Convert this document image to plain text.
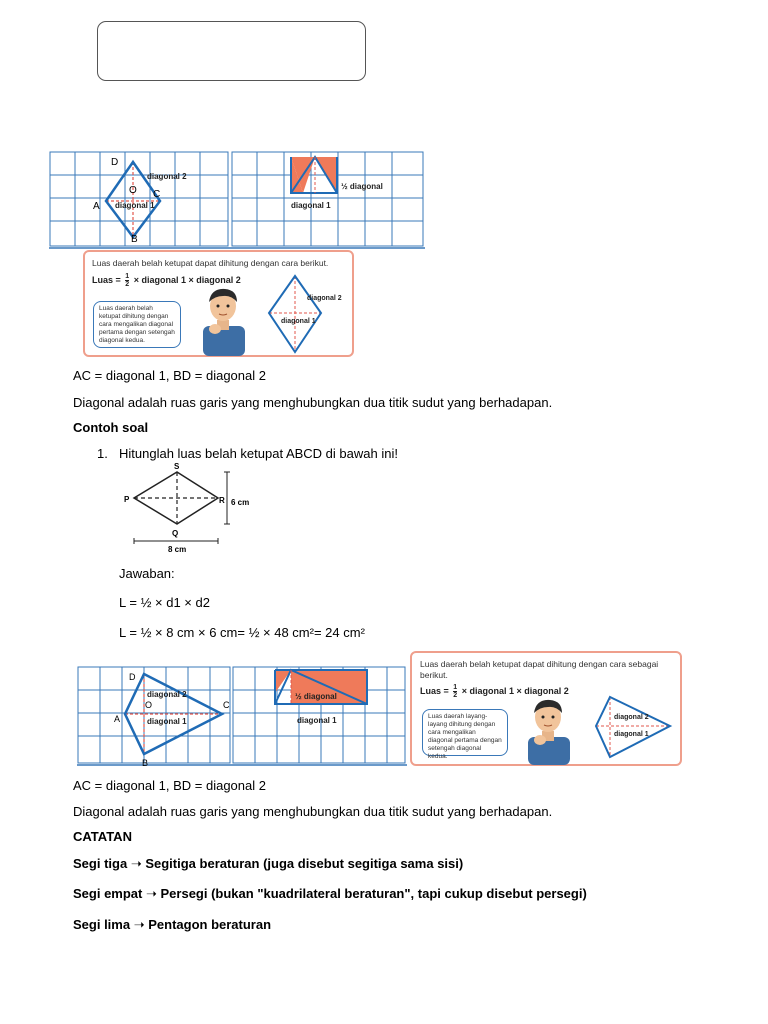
D
O C
A
B
diagonal 2
diagonal 1
½ diagonal
diagonal 1
Luas daerah belah ketupat dapat dihitung dengan cara berikut.
Luas = $\frac{1}{2}$ × diagonal 1 × diagonal 2
Luas daerah belah ketupat dihitung dengan cara mengalikan diagonal pertama dengan setengah diagonal kedua.
diagonal 2
diagonal 1
AC = diagonal 1, BD = diagonal 2
Diagonal adalah ruas garis yang menghubungkan dua titik sudut yang berhadapan.
Contoh soal
1. Hitunglah luas belah ketupat ABCD di bawah ini!
S
P	R
Q
6 cm
8 cm
Jawaban:
L = ½ × d1 × d2
L = ½ × 8 cm × 6 cm= ½ × 48 cm²= 24 cm²
D
O	C
A
B
diagonal 2
diagonal 1
½ diagonal
diagonal 1
Luas daerah belah ketupat dapat dihitung dengan cara sebagai
berikut.
Luas = $\frac{1}{2}$ × diagonal 1 × diagonal 2
Luas daerah layang-layang dihitung dengan cara mengalikan diagonal pertama dengan setengah diagonal kedua.
diagonal 2
diagonal 1
AC = diagonal 1, BD = diagonal 2
Diagonal adalah ruas garis yang menghubungkan dua titik sudut yang berhadapan.
CATATAN
Segi tiga ➝ Segitiga beraturan (juga disebut segitiga sama sisi)
Segi empat ➝ Persegi (bukan "kuadrilateral beraturan", tapi cukup disebut persegi)
Segi lima ➝ Pentagon beraturan
